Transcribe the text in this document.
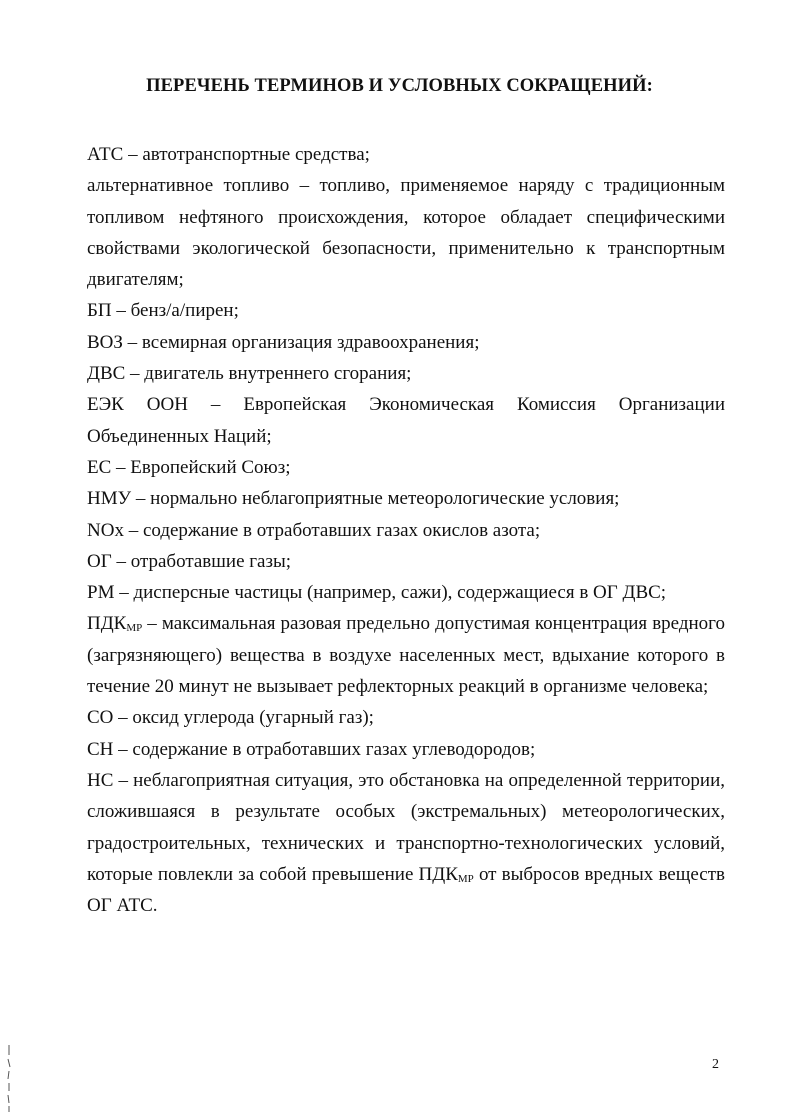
ПЕРЕЧЕНЬ ТЕРМИНОВ И УСЛОВНЫХ СОКРАЩЕНИЙ:

АТС – автотранспортные средства;

альтернативное топливо – топливо, применяемое наряду с традиционным топливом нефтяного происхождения, которое обладает специфическими свойствами экологической безопасности, применительно к транспортным двигателям;

БП – бенз/а/пирен;

ВОЗ – всемирная организация здравоохранения;

ДВС – двигатель внутреннего сгорания;

ЕЭК ООН – Европейская Экономическая Комиссия Организации Объединенных Наций;

ЕС – Европейский Союз;

НМУ – нормально неблагоприятные метеорологические условия;

NOx – содержание в отработавших газах окислов азота;

ОГ – отработавшие газы;

РМ – дисперсные частицы (например, сажи), содержащиеся в ОГ ДВС;

$ПДК_{МР}$ – максимальная разовая предельно допустимая концентрация вредного (загрязняющего) вещества в воздухе населенных мест, вдыхание которого в течение 20 минут не вызывает рефлекторных реакций в организме человека;

СО – оксид углерода (угарный газ);

СН – содержание в отработавших газах углеводородов;

НС – неблагоприятная ситуация, это обстановка на определенной территории, сложившаяся в результате особых (экстремальных) метеорологических, градостроительных, технических и транспортно-технологических условий, которые повлекли за собой превышение $ПДК_{МР}$ от выбросов вредных веществ ОГ АТС.

2
